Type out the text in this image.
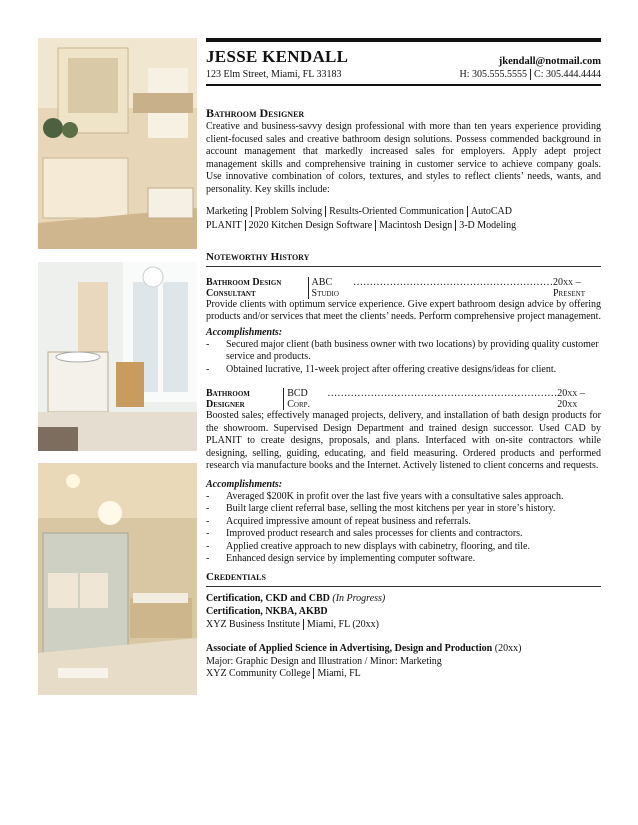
JESSE KENDALL	jkendall@notmail.com
123 Elm Street, Miami, FL 33183	H: 305.555.5555 C: 305.444.4444
Bathroom Designer

Creative and business-savvy design professional with more than ten years experience providing client-focused sales and creative bathroom design solutions. Possess commended background in account management that markedly increased sales for employers. Apply adept project management skills and comprehensive training in customer service to achieve company goals. Use innovative combination of colors, textures, and styles to reflect clients’ needs, wants, and personality. Key skills include:

Marketing Problem Solving Results-Oriented Communication AutoCAD
PLANIT 2020 Kitchen Design Software Macintosh Design 3-D Modeling
Noteworthy History
Bathroom Design Consultant
ABC Studio
…………………………………………………… 20xx – Present

Provide clients with optimum service experience. Give expert bathroom design advice by offering products and/or services that meet the clients’ needs. Perform comprehensive project management.

Accomplishments:
- Secured major client (bath business owner with two locations) by providing quality customer service and products.
- Obtained lucrative, 11-week project after offering creative designs/ideas for client.
Bathroom Designer
BCD Corp.
…………………………………………………………… 20xx – 20xx

Boosted sales; effectively managed projects, delivery, and installation of bath design products for the showroom. Supervised Design Department and trained design successor. Used CAD by PLANIT to create designs, proposals, and plans. Interfaced with on-site contractors while designing, selling, guiding, educating, and field measuring. Ordered products and performed research via manufacture books and the Internet. Actively listened to client concerns and requests.

Accomplishments:
- Averaged $200K in profit over the last five years with a consultative sales approach.
- Built large client referral base, selling the most kitchens per year in store’s history.
- Acquired impressive amount of repeat business and referrals.
- Improved product research and sales processes for clients and contractors.
- Applied creative approach to new displays with cabinetry, flooring, and tile.
- Enhanced design service by implementing computer software.
Credentials
Certification, CKD and CBD (In Progress)
Certification, NKBA, AKBD
XYZ Business Institute Miami, FL (20xx)
Associate of Applied Science in Advertising, Design and Production (20xx)
Major: Graphic Design and Illustration / Minor: Marketing
XYZ Community College Miami, FL
